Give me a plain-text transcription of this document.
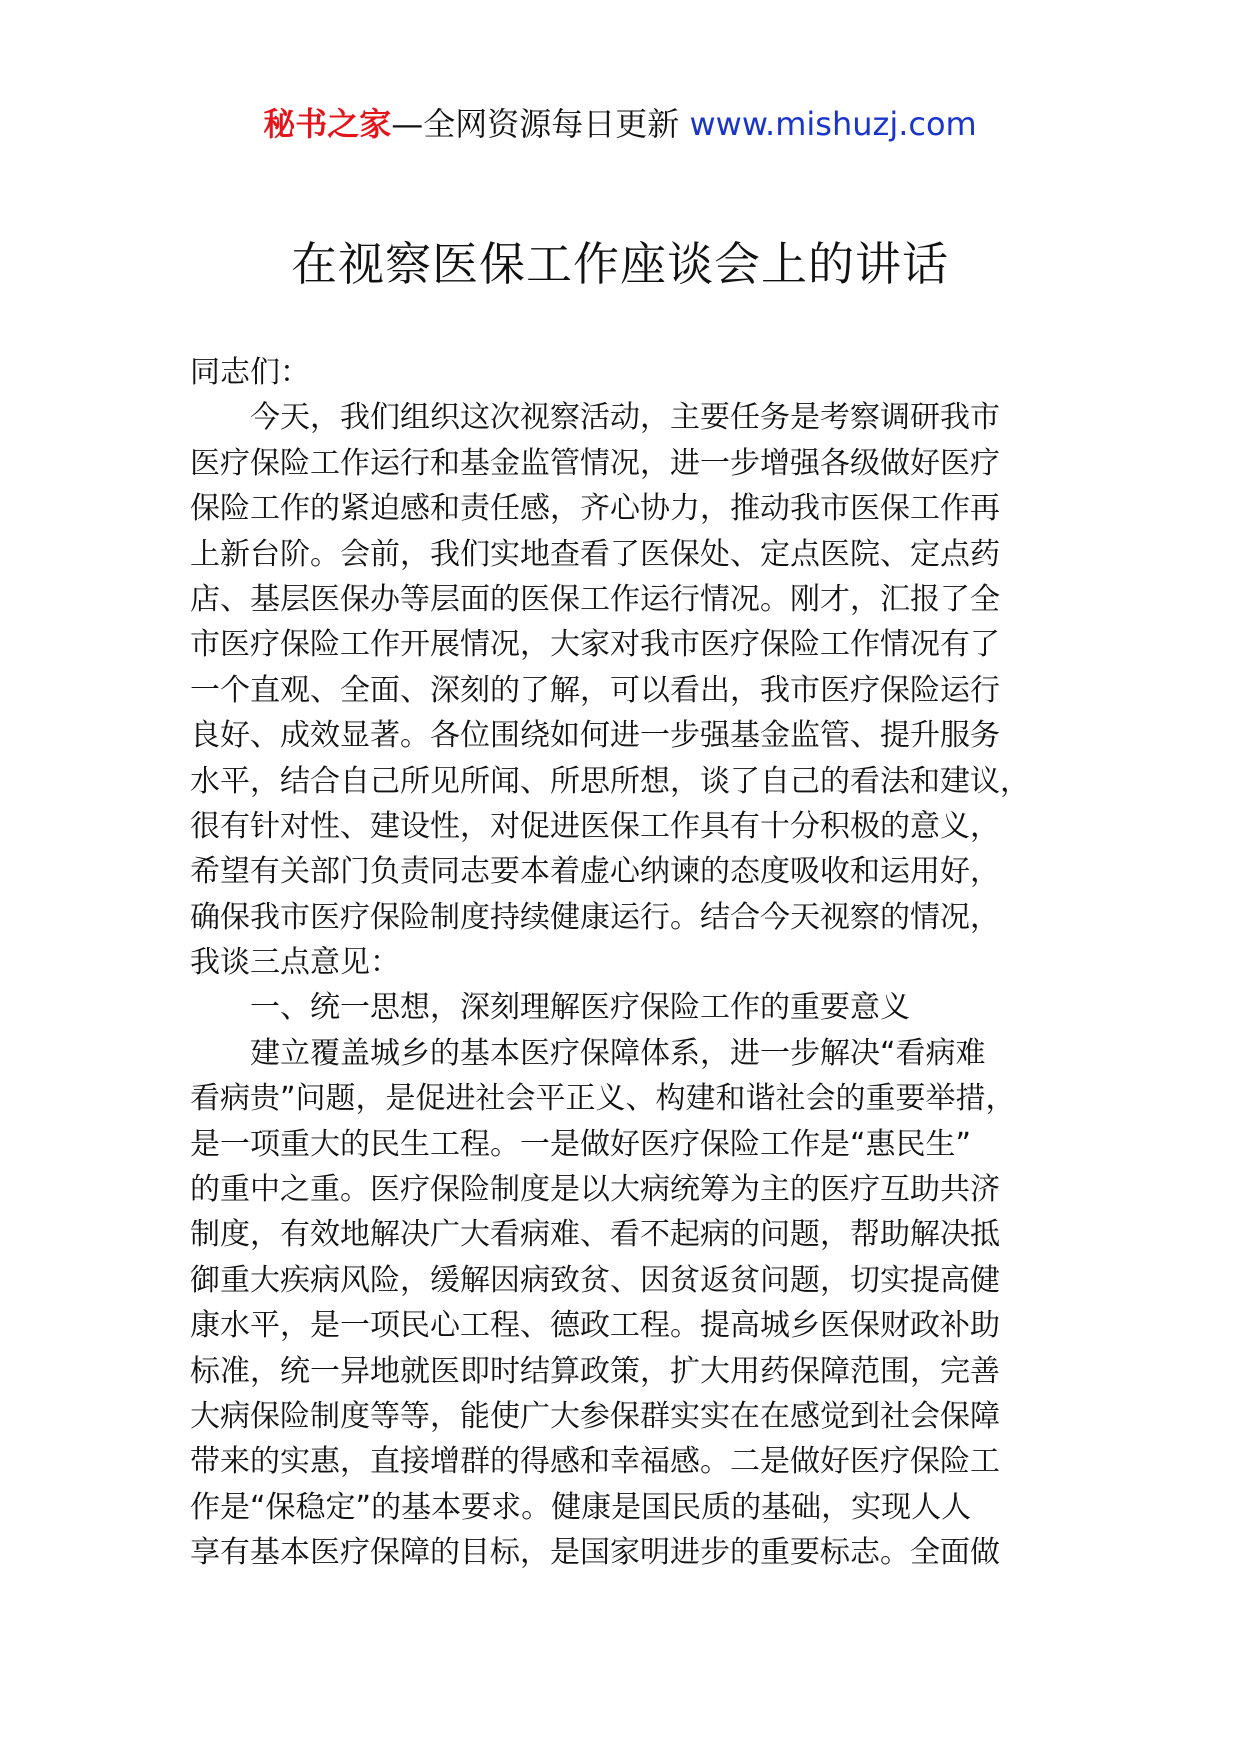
秘书之家—全网资源每日更新 www.mishuzj.com
在视察医保工作座谈会上的讲话
同志们：
今天，我们组织这次视察活动，主要任务是考察调研我市
医疗保险工作运行和基金监管情况，进一步增强各级做好医疗
保险工作的紧迫感和责任感，齐心协力，推动我市医保工作再
上新台阶。会前，我们实地查看了医保处、定点医院、定点药
店、基层医保办等层面的医保工作运行情况。刚才，汇报了全
市医疗保险工作开展情况，大家对我市医疗保险工作情况有了
一个直观、全面、深刻的了解，可以看出，我市医疗保险运行
良好、成效显著。各位围绕如何进一步强基金监管、提升服务
水平，结合自己所见所闻、所思所想，谈了自己的看法和建议，
很有针对性、建设性，对促进医保工作具有十分积极的意义，
希望有关部门负责同志要本着虚心纳谏的态度吸收和运用好，
确保我市医疗保险制度持续健康运行。结合今天视察的情况，
我谈三点意见：
一、统一思想，深刻理解医疗保险工作的重要意义
建立覆盖城乡的基本医疗保障体系，进一步解决“看病难
看病贵”问题，是促进社会平正义、构建和谐社会的重要举措，
是一项重大的民生工程。一是做好医疗保险工作是“惠民生”
的重中之重。医疗保险制度是以大病统筹为主的医疗互助共济
制度，有效地解决广大看病难、看不起病的问题，帮助解决抵
御重大疾病风险，缓解因病致贫、因贫返贫问题，切实提高健
康水平，是一项民心工程、德政工程。提高城乡医保财政补助
标准，统一异地就医即时结算政策，扩大用药保障范围，完善
大病保险制度等等，能使广大参保群实实在在感觉到社会保障
带来的实惠，直接增群的得感和幸福感。二是做好医疗保险工
作是“保稳定”的基本要求。健康是国民质的基础，实现人人
享有基本医疗保障的目标，是国家明进步的重要标志。全面做
